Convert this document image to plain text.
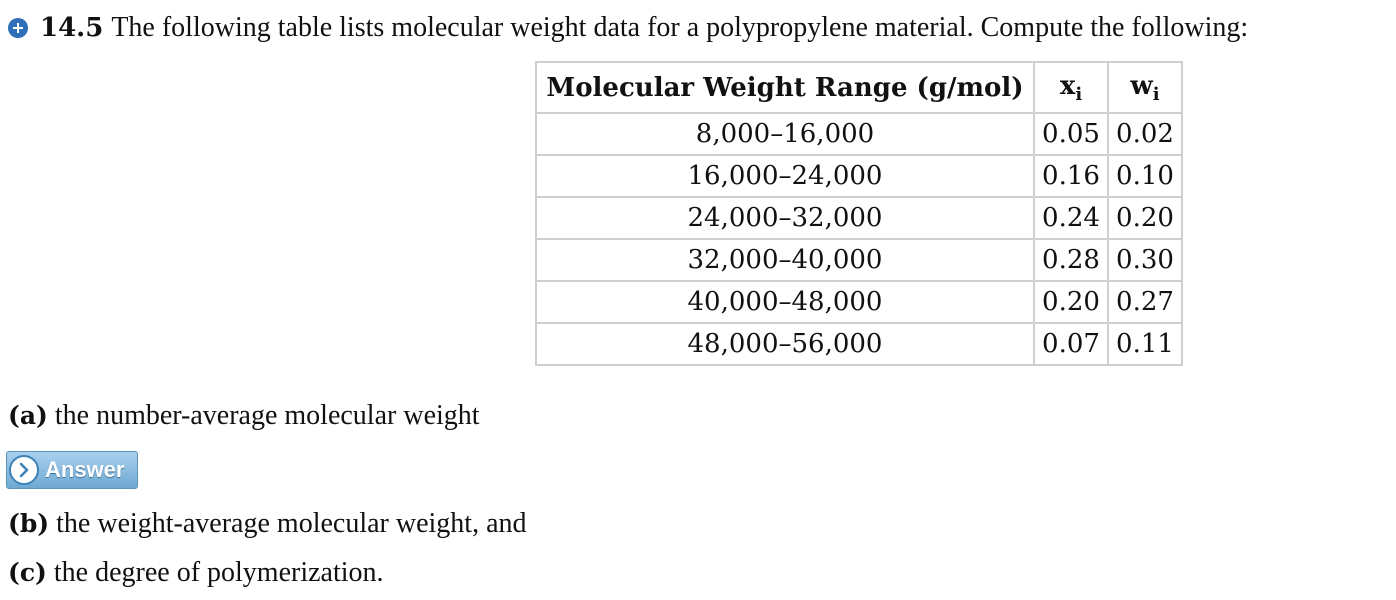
14.5 The following table lists molecular weight data for a polypropylene material. Compute the following:
Molecular Weight Range (g/mol)	$x_i$	$w_i$
8,000–16,000	0.05	0.02
16,000–24,000	0.16	0.10
24,000–32,000	0.24	0.20
32,000–40,000	0.28	0.30
40,000–48,000	0.20	0.27
48,000–56,000	0.07	0.11
(a) the number-average molecular weight
Answer
(b) the weight-average molecular weight, and
(c) the degree of polymerization.
